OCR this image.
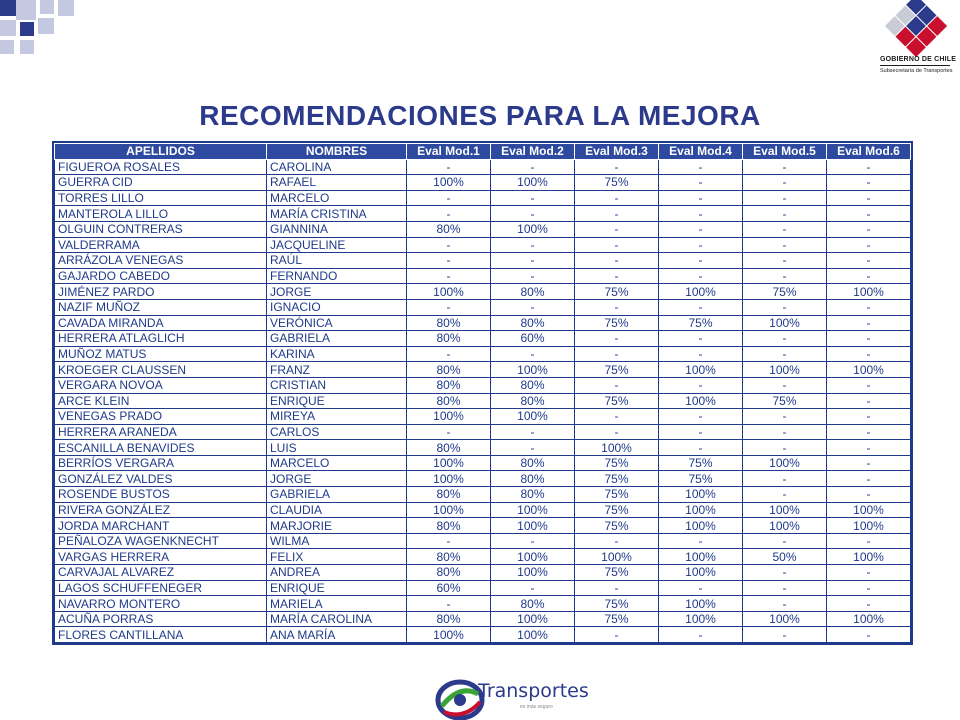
GOBIERNO DE CHILE
Subsecretaría de Transportes
RECOMENDACIONES PARA LA MEJORA
APELLIDOS	NOMBRES	Eval Mod.1	Eval Mod.2	Eval Mod.3	Eval Mod.4	Eval Mod.5	Eval Mod.6
FIGUEROA ROSALES	CAROLINA	-	-	-	-	-	-
GUERRA CID	RAFAEL	100%	100%	75%	-	-	-
TORRES LILLO	MARCELO	-	-	-	-	-	-
MANTEROLA LILLO	MARÍA CRISTINA	-	-	-	-	-	-
OLGUIN CONTRERAS	GIANNINA	80%	100%	-	-	-	-
VALDERRAMA	JACQUELINE	-	-	-	-	-	-
ARRÁZOLA VENEGAS	RAÚL	-	-	-	-	-	-
GAJARDO CABEDO	FERNANDO	-	-	-	-	-	-
JIMÉNEZ PARDO	JORGE	100%	80%	75%	100%	75%	100%
NAZIF MUÑOZ	IGNACIO	-	-	-	-	-	-
CAVADA MIRANDA	VERÓNICA	80%	80%	75%	75%	100%	-
HERRERA ATLAGLICH	GABRIELA	80%	60%	-	-	-	-
MUÑOZ MATUS	KARINA	-	-	-	-	-	-
KROEGER CLAUSSEN	FRANZ	80%	100%	75%	100%	100%	100%
VERGARA NOVOA	CRISTIAN	80%	80%	-	-	-	-
ARCE KLEIN	ENRIQUE	80%	80%	75%	100%	75%	-
VENEGAS PRADO	MIREYA	100%	100%	-	-	-	-
HERRERA ARANEDA	CARLOS	-	-	-	-	-	-
ESCANILLA BENAVIDES	LUIS	80%	-	100%	-	-	-
BERRÍOS VERGARA	MARCELO	100%	80%	75%	75%	100%	-
GONZÁLEZ VALDES	JORGE	100%	80%	75%	75%	-	-
ROSENDE BUSTOS	GABRIELA	80%	80%	75%	100%	-	-
RIVERA GONZÁLEZ	CLAUDIA	100%	100%	75%	100%	100%	100%
JORDA MARCHANT	MARJORIE	80%	100%	75%	100%	100%	100%
PEÑALOZA WAGENKNECHT	WILMA	-	-	-	-	-	-
VARGAS HERRERA	FELIX	80%	100%	100%	100%	50%	100%
CARVAJAL ALVAREZ	ANDREA	80%	100%	75%	100%	-	-
LAGOS SCHUFFENEGER	ENRIQUE	60%	-	-	-	-	-
NAVARRO MONTERO	MARIELA	-	80%	75%	100%	-	-
ACUÑA PORRAS	MARÍA CAROLINA	80%	100%	75%	100%	100%	100%
FLORES CANTILLANA	ANA MARÍA	100%	100%	-	-	-	-
Transportes
es más seguro
